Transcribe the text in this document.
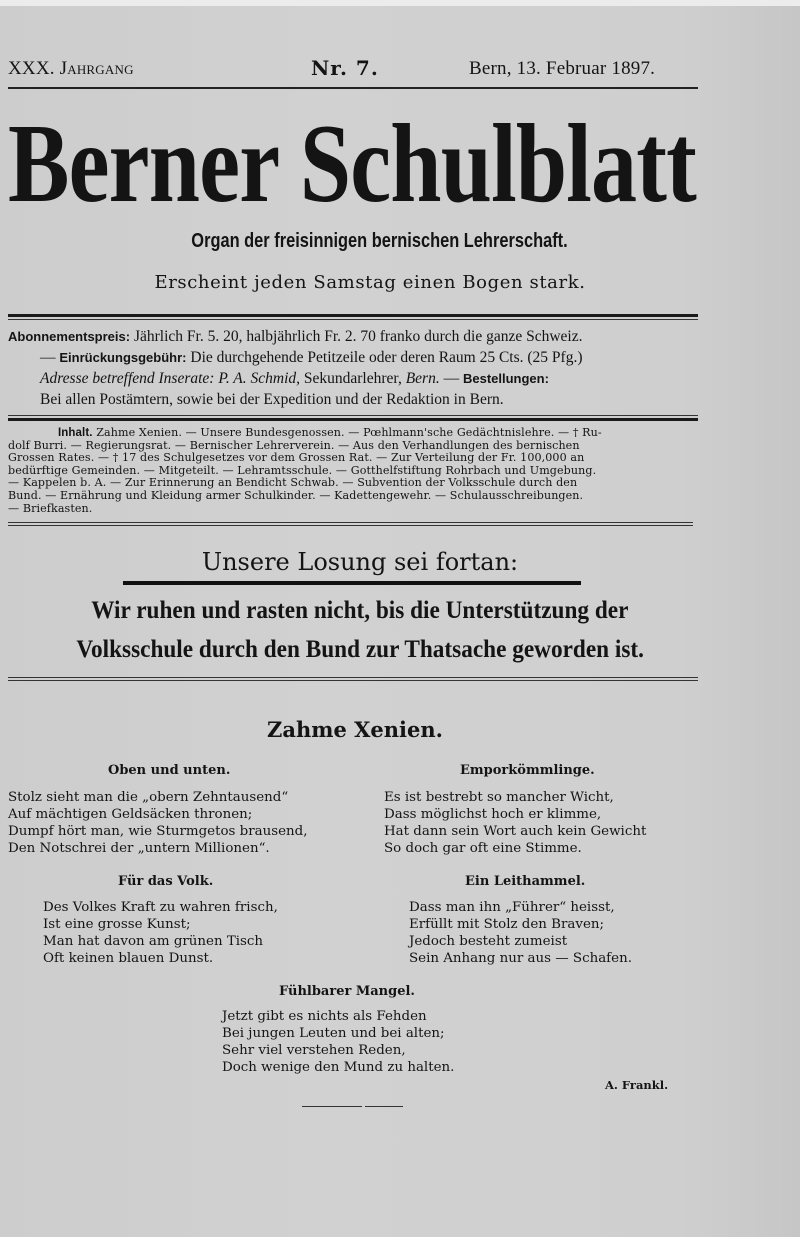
XXX. Jahrgang	Nr. 7.	Bern, 13. Februar 1897.
Berner Schulblatt
Organ der freisinnigen bernischen Lehrerschaft.
Erscheint jeden Samstag einen Bogen stark.
Abonnementspreis: Jährlich Fr. 5. 20, halbjährlich Fr. 2. 70 franko durch die ganze Schweiz.
— Einrückungsgebühr: Die durchgehende Petitzeile oder deren Raum 25 Cts. (25 Pfg.)
Adresse betreffend Inserate: P. A. Schmid, Sekundarlehrer, Bern. — Bestellungen:
Bei allen Postämtern, sowie bei der Expedition und der Redaktion in Bern.
Inhalt. Zahme Xenien. — Unsere Bundesgenossen. — Pœhlmann'sche Gedächtnislehre. — † Ru-
dolf Burri. — Regierungsrat. — Bernischer Lehrerverein. — Aus den Verhandlungen des bernischen
Grossen Rates. — † 17 des Schulgesetzes vor dem Grossen Rat. — Zur Verteilung der Fr. 100,000 an
bedürftige Gemeinden. — Mitgeteilt. — Lehramtsschule. — Gotthelfstiftung Rohrbach und Umgebung.
— Kappelen b. A. — Zur Erinnerung an Bendicht Schwab. — Subvention der Volksschule durch den
Bund. — Ernährung und Kleidung armer Schulkinder. — Kadettengewehr. — Schulausschreibungen.
— Briefkasten.
Unsere Losung sei fortan:
Wir ruhen und rasten nicht, bis die Unterstützung der
Volksschule durch den Bund zur Thatsache geworden ist.
Zahme Xenien.
Oben und unten.
Stolz sieht man die „obern Zehntausend“
Auf mächtigen Geldsäcken thronen;
Dumpf hört man, wie Sturmgetos brausend,
Den Notschrei der „untern Millionen“.
Emporkömmlinge.
Es ist bestrebt so mancher Wicht,
Dass möglichst hoch er klimme,
Hat dann sein Wort auch kein Gewicht
So doch gar oft eine Stimme.
Für das Volk.
Des Volkes Kraft zu wahren frisch,
Ist eine grosse Kunst;
Man hat davon am grünen Tisch
Oft keinen blauen Dunst.
Ein Leithammel.
Dass man ihn „Führer“ heisst,
Erfüllt mit Stolz den Braven;
Jedoch besteht zumeist
Sein Anhang nur aus — Schafen.
Fühlbarer Mangel.
Jetzt gibt es nichts als Fehden
Bei jungen Leuten und bei alten;
Sehr viel verstehen Reden,
Doch wenige den Mund zu halten.
A. Frankl.
